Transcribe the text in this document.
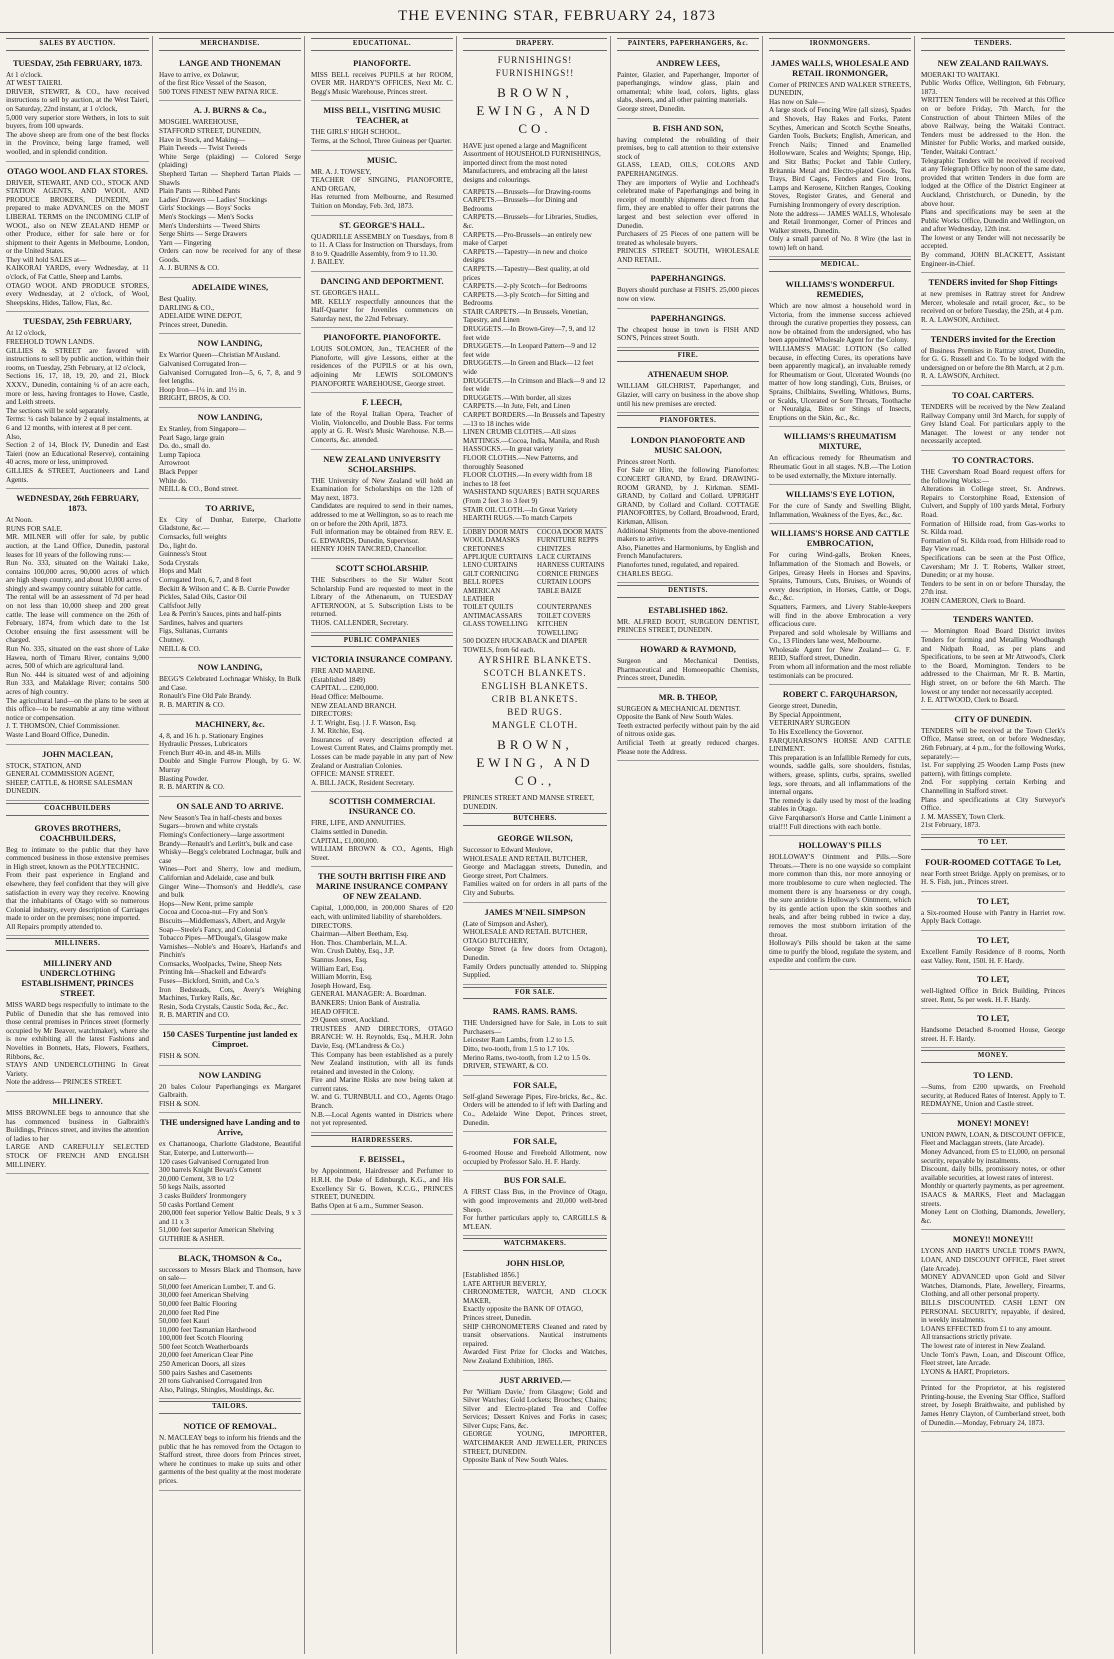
THE EVENING STAR, FEBRUARY 24, 1873
SALES BY AUCTION.
TUESDAY, 25th FEBRUARY, 1873.
At 1 o'clock.
AT WEST TAIERI.
DRIVER, STEWRT, & CO., have received instructions to sell by auction, at the West Taieri, on Saturday, 22nd instant, at 1 o'clock,
5,000 very superior store Wethers, in lots to suit buyers, from 100 upwards.
The above sheep are from one of the best flocks in the Province, being large framed, well woolled, and in splendid condition.
OTAGO WOOL AND FLAX STORES.
DRIVER, STEWART, AND CO., STOCK AND STATION AGENTS, AND WOOL AND PRODUCE BROKERS, DUNEDIN, are prepared to make ADVANCES on the MOST LIBERAL TERMS on the INCOMING CLIP of WOOL, also on NEW ZEALAND HEMP or other Produce, either for sale here or for shipment to their Agents in Melbourne, London, or the United States.
They will hold SALES at—
KAIKORAI YARDS, every Wednesday, at 11 o'clock, of Fat Cattle, Sheep and Lambs.
OTAGO WOOL AND PRODUCE STORES, every Wednesday, at 2 o'clock, of Wool, Sheepskins, Hides, Tallow, Flax, &c.
TUESDAY, 25th FEBRUARY,
At 12 o'clock,
FREEHOLD TOWN LANDS.
GILLIES & STREET are favored with instructions to sell by public auction, within their rooms, on Tuesday, 25th February, at 12 o'clock,
Sections 16, 17, 18, 19, 20, and 21, Block XXXV., Dunedin, containing ¼ of an acre each, more or less, having frontages to Howe, Castle, and Leith streets.
The sections will be sold separately.
Terms: ¼ cash balance by 2 equal instalments, at 6 and 12 months, with interest at 8 per cent.
Also,
Section 2 of 14, Block IV, Dunedin and East Taieri (now an Educational Reserve), containing 40 acres, more or less, unimproved.
GILLIES & STREET, Auctioneers and Land Agents.
WEDNESDAY, 26th FEBRUARY, 1873.
At Noon.
RUNS FOR SALE.
MR. MILNER will offer for sale, by public auction, at the Land Office, Dunedin, pastoral leases for 10 years of the following runs:—
Run No. 333, situated on the Waitaki Lake, contains 100,000 acres, 90,000 acres of which are high sheep country, and about 10,000 acres of shingly and swampy country suitable for cattle.
The rental will be an assessment of 7d per head on not less than 10,000 sheep and 200 great cattle. The lease will commence on the 26th of February, 1874, from which date to the 1st October ensuing the first assessment will be charged.
Run No. 335, situated on the east shore of Lake Hawea, north of Timaru River, contains 9,000 acres, 500 of which are agricultural land.
Run No. 444 is situated west of and adjoining Run 333, and Malaklage River; contains 500 acres of high country.
The agricultural land—on the plans to be seen at this office—to be resumable at any time without notice or compensation.
J. T. THOMSON, Chief Commissioner.
Waste Land Board Office, Dunedin.
JOHN MACLEAN,
STOCK, STATION, AND
GENERAL COMMISSION AGENT,
SHEEP, CATTLE, & HORSE SALESMAN
DUNEDIN.
COACHBUILDERS
GROVES BROTHERS, COACHBUILDERS,
Beg to intimate to the public that they have commenced business in those extensive premises in High street, known as the POLYTECHNIC.
From their past experience in England and elsewhere, they feel confident that they will give satisfaction in every way they receive. Knowing that the inhabitants of Otago with so numerous Colonial industry, every description of Carriages made to order on the premises; none imported.
All Repairs promptly attended to.
MILLINERS.
MILLINERY AND UNDERCLOTHING ESTABLISHMENT, PRINCES STREET.
MISS WARD begs respectfully to intimate to the Public of Dunedin that she has removed into those central premises in Princes street (formerly occupied by Mr Beaver, watchmaker), where she is now exhibiting all the latest Fashions and Novelties in Bonnets, Hats, Flowers, Feathers, Ribbons, &c.
STAYS AND UNDERCLOTHING In Great Variety.
Note the address— PRINCES STREET.
MILLINERY.
MISS BROWNLEE begs to announce that she has commenced business in Galbraith's Buildings, Princes street, and invites the attention of ladies to her
LARGE AND CAREFULLY SELECTED STOCK OF FRENCH AND ENGLISH MILLINERY.
MERCHANDISE.
LANGE AND THONEMAN
Have to arrive, ex Dolawur,
of the first Rice Vessel of the Season,
500 TONS FINEST NEW PATNA RICE.
A. J. BURNS & Co.,
MOSGIEL WAREHOUSE,
STAFFORD STREET, DUNEDIN,
Have in Stock, and Making—
Plain Tweeds — Twist Tweeds
White Serge (plaiding) — Colored Serge (plaiding)
Shepherd Tartan — Shepherd Tartan Plaids — Shawls
Plain Pants — Ribbed Pants
Ladies' Drawers — Ladies' Stockings
Girls' Stockings — Boys' Socks
Men's Stockings — Men's Socks
Men's Undershirts — Tweed Shirts
Serge Shirts — Serge Drawers
Yarn — Fingering
Orders can now be received for any of these Goods.
A. J. BURNS & CO.
ADELAIDE WINES,
Best Quality.
DARLING & CO.,
ADELAIDE WINE DEPOT,
Princes street, Dunedin.
NOW LANDING,
Ex Warrior Queen—Christian M'Ausland.
Galvanised Corrugated Iron—
Galvanised Corrugated Iron—5, 6, 7, 8, and 9 feet lengths.
Hoop Iron—1¼ in. and 1½ in.
BRIGHT, BROS, & CO.
NOW LANDING,
Ex Stanley, from Singapore—
Pearl Sago, large grain
Do. do., small do.
Lump Tapioca
Arrowroot
Black Pepper
White do.
NEILL & CO., Bond street.
TO ARRIVE,
Ex City of Dunbar, Euterpe, Charlotte Gladstone, &c.—
Cornsacks, full weights
Do., light do.
Guinness's Stout
Soda Crystals
Hops and Malt
Corrugated Iron, 6, 7, and 8 feet
Beckitt & Wilson and C. & B. Currie Powder
Pickles, Salad Oils, Castor Oil
Calfsfoot Jelly
Lea & Perrin's Sauces, pints and half-pints
Sardines, halves and quarters
Figs, Sultanas, Currants
Chutney.
NEILL & CO.
NOW LANDING,
BEGG'S Celebrated Lochnagar Whisky, In Bulk and Case.
Ronault's Fine Old Pale Brandy.
R. B. MARTIN & CO.
MACHINERY, &c.
4, 8, and 16 h. p. Stationary Engines
Hydraulic Presses, Lubricators
French Burr 40-in. and 48-in. Mills
Double and Single Furrow Plough, by G. W. Murray
Blasting Powder.
R. B. MARTIN & CO.
ON SALE AND TO ARRIVE.
New Season's Tea in half-chests and boxes
Sugars—brown and white crystals
Fleming's Confectionery—large assortment
Brandy—Renault's and Lerlitt's, bulk and case
Whisky—Begg's celebrated Lochnagar, bulk and case
Wines—Port and Sherry, low and medium, Californian and Adelaide, case and bulk
Ginger Wine—Thomson's and Heddle's, case and bulk
Hops—New Kent, prime sample
Cocoa and Cocoa-nut—Fry and Son's
Biscuits—Middlemass's, Albert, and Argyle
Soap—Steele's Fancy, and Colonial
Tobacco Pipes—M'Dougal's, Glasgow make
Varnishes—Noble's and Hoare's, Harland's and Pinchin's
Cornsacks, Woolpacks, Twine, Sheep Nets
Printing Ink—Shackell and Edward's
Fuses—Bickford, Smith, and Co.'s
Iron Bedsteads, Cots, Avery's Weighing Machines, Turkey Rails, &c.
Resin, Soda Crystals, Caustic Soda, &c., &c.
R. B. MARTIN and CO.
150 CASES Turpentine just landed ex Cimproet.
FISH & SON.
NOW LANDING
20 bales Colour Paperhangings ex Margaret Galbraith.
FISH & SON.
THE undersigned have Landing and to Arrive,
ex Chattanooga, Charlotte Gladstone, Beautiful Star, Euterpe, and Lutterworth—
120 cases Galvanised Corrugated Iron
300 barrels Knight Bevan's Cement
20,000 Cement, 3/8 to 1/2
50 kegs Nails, assorted
3 casks Builders' Ironmongery
50 casks Portland Cement
200,000 feet superior Yellow Baltic Deals, 9 x 3 and 11 x 3
51,000 feet superior American Shelving
GUTHRIE & ASHER.
BLACK, THOMSON & Co.,
successors to Messrs Black and Thomson, have on sale—
50,000 feet American Lumber, T. and G.
30,000 feet American Shelving
50,000 feet Baltic Flooring
20,000 feet Red Pine
50,000 feet Kauri
10,000 feet Tasmanian Hardwood
100,000 feet Scotch Flooring
500 feet Scotch Weatherboards
20,000 feet American Clear Pine
250 American Doors, all sizes
500 pairs Sashes and Casements
20 tons Galvanised Corrugated Iron
Also, Palings, Shingles, Mouldings, &c.
TAILORS.
NOTICE OF REMOVAL.
N. MACLEAY begs to inform his friends and the public that he has removed from the Octagon to Stafford street, three doors from Princes street, where he continues to make up suits and other garments of the best quality at the most moderate prices.
EDUCATIONAL.
PIANOFORTE.
MISS BELL receives PUPILS at her ROOM, OVER MR. HARDY'S OFFICES, Next Mr. C. Begg's Music Warehouse, Princes street.
MISS BELL, VISITING MUSIC TEACHER, at
THE GIRLS' HIGH SCHOOL.
Terms, at the School, Three Guineas per Quarter.
MUSIC.
MR. A. J. TOWSEY,
TEACHER OF SINGING, PIANOFORTE, AND ORGAN,
Has returned from Melbourne, and Resumed Tuition on Monday, Feb. 3rd, 1873.
ST. GEORGE'S HALL.
QUADRILLE ASSEMBLY on Tuesdays, from 8 to 11. A Class for Instruction on Thursdays, from 8 to 9. Quadrille Assembly, from 9 to 11.30.
J. BAILEY.
DANCING AND DEPORTMENT.
ST. GEORGE'S HALL.
MR. KELLY respectfully announces that the Half-Quarter for Juveniles commences on Saturday next, the 22nd February.
PIANOFORTE. PIANOFORTE.
LOUIS SOLOMON, Jun., TEACHER of the Pianoforte, will give Lessons, either at the residences of the PUPILS or at his own, adjoining Mr LEWIS SOLOMON'S PIANOFORTE WAREHOUSE, George street.
F. LEECH,
late of the Royal Italian Opera, Teacher of Violin, Violoncello, and Double Bass. For terms apply at G. R. West's Music Warehouse. N.B.—Concerts, &c. attended.
NEW ZEALAND UNIVERSITY SCHOLARSHIPS.
THE University of New Zealand will hold an Examination for Scholarships on the 12th of May next, 1873.
Candidates are required to send in their names, addressed to me at Wellington, so as to reach me on or before the 20th April, 1873.
Full information may be obtained from REV. E. G. EDWARDS, Dunedin, Supervisor.
HENRY JOHN TANCRED, Chancellor.
SCOTT SCHOLARSHIP.
THE Subscribers to the Sir Walter Scott Scholarship Fund are requested to meet in the Library of the Athenaeum, on TUESDAY AFTERNOON, at 5. Subscription Lists to be returned.
THOS. CALLENDER, Secretary.
PUBLIC COMPANIES
VICTORIA INSURANCE COMPANY.
FIRE AND MARINE.
(Established 1849)
CAPITAL ... £200,000.
Head Office: Melbourne.
NEW ZEALAND BRANCH.
DIRECTORS:
J. T. Wright, Esq. | J. F. Watson, Esq.
J. M. Ritchie, Esq.
Insurances of every description effected at Lowest Current Rates, and Claims promptly met. Losses can be made payable in any part of New Zealand or Australian Colonies.
OFFICE: MANSE STREET.
A. BILL JACK, Resident Secretary.
SCOTTISH COMMERCIAL INSURANCE CO.
FIRE, LIFE, AND ANNUITIES.
Claims settled in Dunedin.
CAPITAL, £1,000,000.
WILLIAM BROWN & CO., Agents, High Street.
THE SOUTH BRITISH FIRE AND MARINE INSURANCE COMPANY OF NEW ZEALAND.
Capital, 1,000,000, in 200,000 Shares of £20 each, with unlimited liability of shareholders.
DIRECTORS.
Chairman—Albert Beetham, Esq.
Hon. Thos. Chamberlain, M.L.A.
Wm. Crush Dabby, Esq., J.P.
Stannus Jones, Esq.
William Earl, Esq.
William Morrin, Esq.
Joseph Howard, Esq.
GENERAL MANAGER: A. Boardman.
BANKERS: Union Bank of Australia.
HEAD OFFICE.
29 Queen street, Auckland.
TRUSTEES AND DIRECTORS, OTAGO BRANCH: W. H. Reynolds, Esq., M.H.R. John Davie, Esq. (M'Landress & Co.)
This Company has been established as a purely New Zealand institution, with all its funds retained and invested in the Colony.
Fire and Marine Risks are now being taken at current rates.
W. and G. TURNBULL and CO., Agents Otago Branch.
N.B.—Local Agents wanted in Districts where not yet represented.
HAIRDRESSERS.
F. BEISSEL,
by Appointment, Hairdresser and Perfumer to H.R.H. the Duke of Edinburgh, K.G., and His Excellency Sir G. Bowen, K.C.G., PRINCES STREET, DUNEDIN.
Baths Open at 6 a.m., Summer Season.
DRAPERY.
FURNISHINGS!
FURNISHINGS!!
BROWN, EWING, AND CO.
HAVE just opened a large and Magnificent Assortment of HOUSEHOLD FURNISHINGS, imported direct from the most noted Manufacturers, and embracing all the latest designs and colourings.
CARPETS.—Brussels—for Drawing-rooms
CARPETS.—Brussels—for Dining and Bedrooms
CARPETS.—Brussels—for Libraries, Studies, &c.
CARPETS.—Pro-Brussels—an entirely new make of Carpet
CARPETS.—Tapestry—in new and choice designs
CARPETS.—Tapestry—Best quality, at old prices
CARPETS.—2-ply Scotch—for Bedrooms
CARPETS.—3-ply Scotch—for Sitting and Bedrooms
STAIR CARPETS.—In Brussels, Venetian, Tapestry, and Linen
DRUGGETS.—In Brown-Grey—7, 9, and 12 feet wide
DRUGGETS.—In Leopard Pattern—9 and 12 feet wide
DRUGGETS.—In Green and Black—12 feet wide
DRUGGETS.—In Crimson and Black—9 and 12 feet wide
DRUGGETS.—With border, all sizes
CARPETS.—In Jute, Felt, and Linen
CARPET BORDERS.—In Brussels and Tapestry—13 to 18 inches wide
LINEN CRUMB CLOTHS.—All sizes
MATTINGS.—Cocoa, India, Manila, and Rush
HASSOCKS.—In great variety
FLOOR CLOTHS.—New Patterns, and thoroughly Seasoned
FLOOR CLOTHS.—In every width from 18 inches to 18 feet
WASHSTAND SQUARES | BATH SQUARES (From 2 feet 3 to 3 feet 9)
STAIR OIL CLOTH.—In Great Variety
HEARTH RUGS.—To match Carpets
LOBBY DOOR MATS	COCOA DOOR MATS
WOOL DAMASKS	FURNITURE REPPS
CRETONNES	CHINTZES
APPLIQUE CURTAINS LACE CURTAINS
LENO CURTAINS	HARNESS CURTAINS
GILT CORNICING	CORNICE FRINGES
BELL ROPES	CURTAIN LOOPS
AMERICAN LEATHER
TABLE BAIZE
TOILET QUILTS	COUNTERPANES
ANTIMACASSARS	TOILET COVERS
GLASS TOWELLING	KITCHEN TOWELLING
500 DOZEN HUCKABACK and DIAPER TOWELS, from 6d each.
AYRSHIRE BLANKETS.
SCOTCH BLANKETS.
ENGLISH BLANKETS.
CRIB BLANKETS.
BED RUGS.
MANGLE CLOTH.
BROWN, EWING, AND CO.,
PRINCES STREET AND MANSE STREET, DUNEDIN.
BUTCHERS.
GEORGE WILSON,
Successor to Edward Meulove,
WHOLESALE AND RETAIL BUTCHER,
George and Maclaggan streets, Dunedin, and George street, Port Chalmers.
Families waited on for orders in all parts of the City and Suburbs.
JAMES M'NEIL SIMPSON
(Late of Simpson and Asher),
WHOLESALE AND RETAIL BUTCHER,
OTAGO BUTCHERY,
George Street (a few doors from Octagon), Dunedin.
Family Orders punctually attended to. Shipping Supplied.
FOR SALE.
RAMS. RAMS. RAMS.
THE Undersigned have for Sale, in Lots to suit Purchasers—
Leicester Ram Lambs, from 1.2 to 1.5.
Ditto, two-tooth, from 1.5 to 1.7 10s.
Merino Rams, two-tooth, from 1.2 to 1.5 0s.
DRIVER, STEWART, & CO.
FOR SALE,
Self-gland Sewerage Pipes, Fire-bricks, &c., &c. Orders will be attended to if left with Darling and Co., Adelaide Wine Depot, Princes street, Dunedin.
FOR SALE,
6-roomed House and Freehold Allotment, now occupied by Professor Salo. H. F. Hardy.
BUS FOR SALE.
A FIRST Class Bus, in the Province of Otago, with good improvements and 20,000 well-bred Sheep.
For further particulars apply to, CARGILLS & M'LEAN.
WATCHMAKERS.
JOHN HISLOP,
[Established 1856.]
LATE ARTHUR BEVERLY,
CHRONOMETER, WATCH, AND CLOCK MAKER,
Exactly opposite the BANK OF OTAGO,
Princes street, Dunedin.
SHIP CHRONOMETERS Cleaned and rated by transit observations. Nautical instruments repaired.
Awarded First Prize for Clocks and Watches, New Zealand Exhibition, 1865.
JUST ARRIVED.—
Per 'William Davie,' from Glasgow; Gold and Silver Watches; Gold Lockets; Brooches; Chains; Silver and Electro-plated Tea and Coffee Services; Dessert Knives and Forks in cases; Silver Cups; Fans, &c.
GEORGE YOUNG, IMPORTER, WATCHMAKER AND JEWELLER, PRINCES STREET, DUNEDIN.
Opposite Bank of New South Wales.
PAINTERS, PAPERHANGERS, &c.
ANDREW LEES,
Painter, Glazier, and Paperhanger, Importer of paperhangings, window glass, plain and ornamental; white lead, colors, lights, glass slabs, sheets, and all other painting materials.
George street, Dunedin.
B. FISH AND SON,
having completed the rebuilding of their premises, beg to call attention to their extensive stock of
GLASS, LEAD, OILS, COLORS AND PAPERHANGINGS.
They are importers of Wylie and Lochhead's celebrated make of Paperhangings and being in receipt of monthly shipments direct from that firm, they are enabled to offer their patrons the largest and best selection ever offered in Dunedin.
Purchasers of 25 Pieces of one pattern will be treated as wholesale buyers.
PRINCES STREET SOUTH, WHOLESALE AND RETAIL.
PAPERHANGINGS.
Buyers should purchase at FISH'S. 25,000 pieces now on view.
PAPERHANGINGS.
The cheapest house in town is FISH AND SON'S, Princes street South.
FIRE.
ATHENAEUM SHOP.
WILLIAM GILCHRIST, Paperhanger, and Glazier, will carry on business in the above shop until his new premises are erected.
PIANOFORTES.
LONDON PIANOFORTE AND MUSIC SALOON,
Princes street North.
For Sale or Hire, the following Pianofortes: CONCERT GRAND, by Erard. DRAWING-ROOM GRAND, by J. Kirkman. SEMI-GRAND, by Collard and Collard. UPRIGHT GRAND, by Collard and Collard. COTTAGE PIANOFORTES, by Collard, Broadwood, Erard, Kirkman, Allison.
Additional Shipments from the above-mentioned makers to arrive.
Also, Pianettes and Harmoniums, by English and French Manufacturers.
Pianofortes tuned, regulated, and repaired.
CHARLES BEGG.
DENTISTS.
ESTABLISHED 1862.
MR. ALFRED BOOT, SURGEON DENTIST, PRINCES STREET, DUNEDIN.
HOWARD & RAYMOND,
Surgeon and Mechanical Dentists, Pharmaceutical and Homoeopathic Chemists, Princes street, Dunedin.
MR. B. THEOP,
SURGEON & MECHANICAL DENTIST.
Opposite the Bank of New South Wales.
Teeth extracted perfectly without pain by the aid of nitrous oxide gas.
Artificial Teeth at greatly reduced charges. Please note the Address.
IRONMONGERS.
JAMES WALLS, WHOLESALE AND RETAIL IRONMONGER,
Corner of PRINCES AND WALKER STREETS, DUNEDIN,
Has now on Sale—
A large stock of Fencing Wire (all sizes), Spades and Shovels, Hay Rakes and Forks, Patent Scythes, American and Scotch Scythe Sneaths, Garden Tools, Buckets; English, American, and French Nails; Tinned and Enamelled Hollowware, Scales and Weights; Sponge, Hip, and Sitz Baths; Pocket and Table Cutlery, Britannia Metal and Electro-plated Goods, Tea Trays, Bird Cages, Fenders and Fire Irons, Lamps and Kerosene, Kitchen Ranges, Cooking Stoves, Register Grates, and General and Furnishing Ironmongery of every description.
Note the address— JAMES WALLS, Wholesale and Retail Ironmonger, Corner of Princes and Walker streets, Dunedin.
Only a small parcel of No. 8 Wire (the last in town) left on hand.
MEDICAL.
WILLIAMS'S WONDERFUL REMEDIES,
Which are now almost a household word in Victoria, from the immense success achieved through the curative properties they possess, can now be obtained from the undersigned, who has been appointed Wholesale Agent for the Colony.
WILLIAMS'S MAGIC LOTION (So called because, in effecting Cures, its operations have been apparently magical), an invaluable remedy for Rheumatism or Gout, Ulcerated Wounds (no matter of how long standing), Cuts, Bruises, or Sprains, Chilblains, Swelling, Whitlows, Burns, or Scalds, Ulcerated or Sore Throats, Toothache or Neuralgia, Bites or Stings of Insects, Eruptions on the Skin, &c., &c.
WILLIAMS'S RHEUMATISM MIXTURE,
An efficacious remedy for Rheumatism and Rheumatic Gout in all stages. N.B.—The Lotion to be used externally, the Mixture internally.
WILLIAMS'S EYE LOTION,
For the cure of Sandy and Swelling Blight, Inflammation, Weakness of the Eyes, &c., &c.
WILLIAMS'S HORSE AND CATTLE EMBROCATION,
For curing Wind-galls, Broken Knees, Inflammation of the Stomach and Bowels, or Gripes, Greasy Heels in Horses and Spavins, Sprains, Tumours, Cuts, Bruises, or Wounds of every description, in Horses, Cattle, or Dogs, &c., &c.
Squatters, Farmers, and Livery Stable-keepers will find in the above Embrocation a very efficacious cure.
Prepared and sold wholesale by Williams and Co., 13 Flinders lane west, Melbourne.
Wholesale Agent for New Zealand— G. F. REID, Stafford street, Dunedin.
From whom all information and the most reliable testimonials can be procured.
ROBERT C. FARQUHARSON,
George street, Dunedin,
By Special Appointment,
VETERINARY SURGEON
To His Excellency the Governor.
FARQUHARSON'S HORSE AND CATTLE LINIMENT.
This preparation is an Infallible Remedy for cuts, wounds, saddle galls, sore shoulders, fistulas, withers, grease, splints, curbs, sprains, swelled legs, sore throats, and all inflammations of the internal organs.
The remedy is daily used by most of the leading stables in Otago.
Give Farquharson's Horse and Cattle Liniment a trial!!! Full directions with each bottle.
HOLLOWAY'S PILLS
HOLLOWAY'S Ointment and Pills.—Sore Throats.—There is no one wayside so complaint more common than this, nor more annoying or more troublesome to cure when neglected. The moment there is any hoarseness or dry cough, the sure antidote is Holloway's Ointment, which by its gentle action upon the skin soothes and heals, and after being rubbed in twice a day, removes the most stubborn irritation of the throat.
Holloway's Pills should be taken at the same time to purify the blood, regulate the system, and expedite and confirm the cure.
TENDERS.
NEW ZEALAND RAILWAYS.
MOERAKI TO WAITAKI.
Public Works Office, Wellington, 6th February, 1873.
WRITTEN Tenders will be received at this Office on or before Friday, 7th March, for the Construction of about Thirteen Miles of the above Railway, being the Waitaki Contract. Tenders must be addressed to the Hon. the Minister for Public Works, and marked outside, 'Tender, Waitaki Contract.'
Telegraphic Tenders will be received if received at any Telegraph Office by noon of the same date, provided that written Tenders in due form are lodged at the Office of the District Engineer at Auckland, Christchurch, or Dunedin, by the above hour.
Plans and specifications may be seen at the Public Works Office, Dunedin and Wellington, on and after Wednesday, 12th inst.
The lowest or any Tender will not necessarily be accepted.
By command, JOHN BLACKETT, Assistant Engineer-in-Chief.
TENDERS invited for Shop Fittings
at new premises in Rattray street for Andrew Mercer, wholesale and retail grocer, &c., to be received on or before Tuesday, the 25th, at 4 p.m.
R. A. LAWSON, Architect.
TENDERS invited for the Erection
of Business Premises in Rattray street, Dunedin, for G. G. Russell and Co. To be lodged with the undersigned on or before the 8th March, at 2 p.m.
R. A. LAWSON, Architect.
TO COAL CARTERS.
TENDERS will be received by the New Zealand Railway Company until 3rd March, for supply of Grey Island Coal. For particulars apply to the Manager. The lowest or any tender not necessarily accepted.
TO CONTRACTORS.
THE Caversham Road Board request offers for the following Works:—
Alterations in College street, St. Andrews. Repairs to Corstorphine Road, Extension of Culvert, and Supply of 100 yards Metal, Forbury Road.
Formation of Hillside road, from Gas-works to St. Kilda road.
Formation of St. Kilda road, from Hillside road to Bay View road.
Specifications can be seen at the Post Office, Caversham; Mr J. T. Roberts, Walker street, Dunedin; or at my house.
Tenders to be sent in on or before Thursday, the 27th inst.
JOHN CAMERON, Clerk to Board.
TENDERS WANTED.
— Mornington Road Board District invites Tenders for forming and Metalling Woodhaugh and Nidpath Road, as per plans and Specifications, to be seen at Mr Attwood's, Clerk to the Board, Mornington. Tenders to be addressed to the Chairman, Mr R. B. Martin, High street, on or before the 6th March. The lowest or any tender not necessarily accepted.
J. E. ATTWOOD, Clerk to Board.
CITY OF DUNEDIN.
TENDERS will be received at the Town Clerk's Office, Manse street, on or before Wednesday, 26th February, at 4 p.m., for the following Works, separately:—
1st. For supplying 25 Wooden Lamp Posts (new pattern), with fittings complete.
2nd. For supplying certain Kerbing and Channelling in Stafford street.
Plans and specifications at City Surveyor's Office.
J. M. MASSEY, Town Clerk.
21st February, 1873.
TO LET.
FOUR-ROOMED COTTAGE To Let,
near Forth street Bridge. Apply on premises, or to H. S. Fish, jun., Princes street.
TO LET,
a Six-roomed House with Pantry in Harriet row. Apply Back Cottage.
TO LET,
Excellent Family Residence of 8 rooms, North east Valley. Rent, 150l. H. F. Hardy.
TO LET,
well-lighted Office in Brick Building, Princes street. Rent, 5s per week. H. F. Hardy.
TO LET,
Handsome Detached 8-roomed House, George street. H. F. Hardy.
MONEY.
TO LEND.
—Sums, from £200 upwards, on Freehold security, at Reduced Rates of Interest. Apply to T. REDMAYNE, Union and Castle street.
MONEY! MONEY!
UNION PAWN, LOAN, & DISCOUNT OFFICE, Fleet and Maclaggan streets, (late Arcade).
Money Advanced, from £5 to £1,000, on personal security, repayable by instalments.
Discount, daily bills, promissory notes, or other available securities, at lowest rates of interest.
Monthly or quarterly payments, as per agreement.
ISAACS & MARKS, Fleet and Maclaggan streets.
Money Lent on Clothing, Diamonds, Jewellery, &c.
MONEY!! MONEY!!!
LYONS AND HART'S UNCLE TOM'S PAWN, LOAN, AND DISCOUNT OFFICE, Fleet street (late Arcade).
MONEY ADVANCED upon Gold and Silver Watches, Diamonds, Plate, Jewellery, Firearms, Clothing, and all other personal property.
BILLS DISCOUNTED. CASH LENT ON PERSONAL SECURITY, repayable, if desired, in weekly instalments.
LOANS EFFECTED from £1 to any amount.
All transactions strictly private.
The lowest rate of interest in New Zealand.
Uncle Tom's Pawn, Loan, and Discount Office, Fleet street, late Arcade.
LYONS & HART, Proprietors.
Printed for the Proprietor, at his registered Printing-house, the Evening Star Office, Stafford street, by Joseph Braithwaite, and published by James Henry Clayton, of Cumberland street, both of Dunedin.—Monday, February 24, 1873.
